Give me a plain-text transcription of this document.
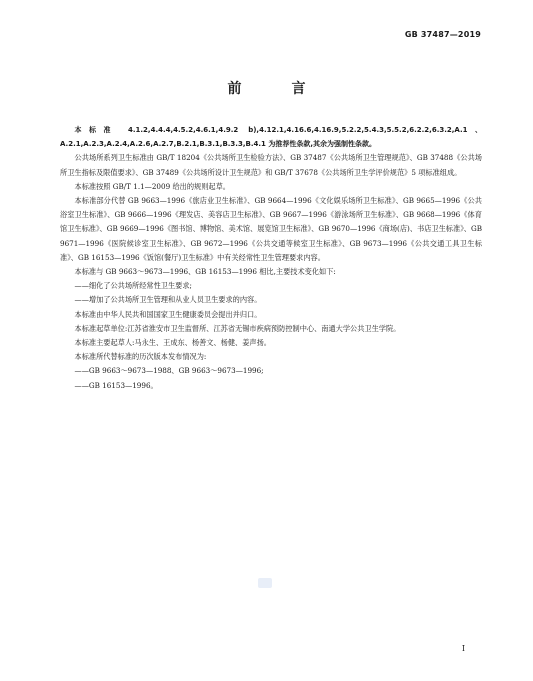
GB 37487—2019
前　言

本标准 4.1.2,4.4.4,4.5.2,4.6.1,4.9.2 b),4.12.1,4.16.6,4.16.9,5.2.2,5.4.3,5.5.2,6.2.2,6.3.2,A.1、A.2.1,A.2.3,A.2.4,A.2.6,A.2.7,B.2.1,B.3.1,B.3.3,B.4.1 为推荐性条款,其余为强制性条款。

公共场所系列卫生标准由 GB/T 18204《公共场所卫生检验方法》、GB 37487《公共场所卫生管理规范》、GB 37488《公共场所卫生指标及限值要求》、GB 37489《公共场所设计卫生规范》和 GB/T 37678《公共场所卫生学评价规范》5 项标准组成。

本标准按照 GB/T 1.1—2009 给出的规则起草。

本标准部分代替 GB 9663—1996《旅店业卫生标准》、GB 9664—1996《文化娱乐场所卫生标准》、GB 9665—1996《公共浴室卫生标准》、GB 9666—1996《理发店、美容店卫生标准》、GB 9667—1996《游泳场所卫生标准》、GB 9668—1996《体育馆卫生标准》、GB 9669—1996《图书馆、博物馆、美术馆、展览馆卫生标准》、GB 9670—1996《商场(店)、书店卫生标准》、GB 9671—1996《医院候诊室卫生标准》、GB 9672—1996《公共交通等候室卫生标准》、GB 9673—1996《公共交通工具卫生标准》、GB 16153—1996《饭馆(餐厅)卫生标准》中有关经常性卫生管理要求内容。

本标准与 GB 9663～9673—1996、GB 16153—1996 相比,主要技术变化如下:

——细化了公共场所经常性卫生要求;

——增加了公共场所卫生管理和从业人员卫生要求的内容。

本标准由中华人民共和国国家卫生健康委员会提出并归口。

本标准起草单位:江苏省淮安市卫生监督所、江苏省无锡市疾病预防控制中心、南通大学公共卫生学院。

本标准主要起草人:马永生、王成东、杨善文、杨健、姜声扬。

本标准所代替标准的历次版本发布情况为:

——GB 9663～9673—1988、GB 9663～9673—1996;

——GB 16153—1996。

I
